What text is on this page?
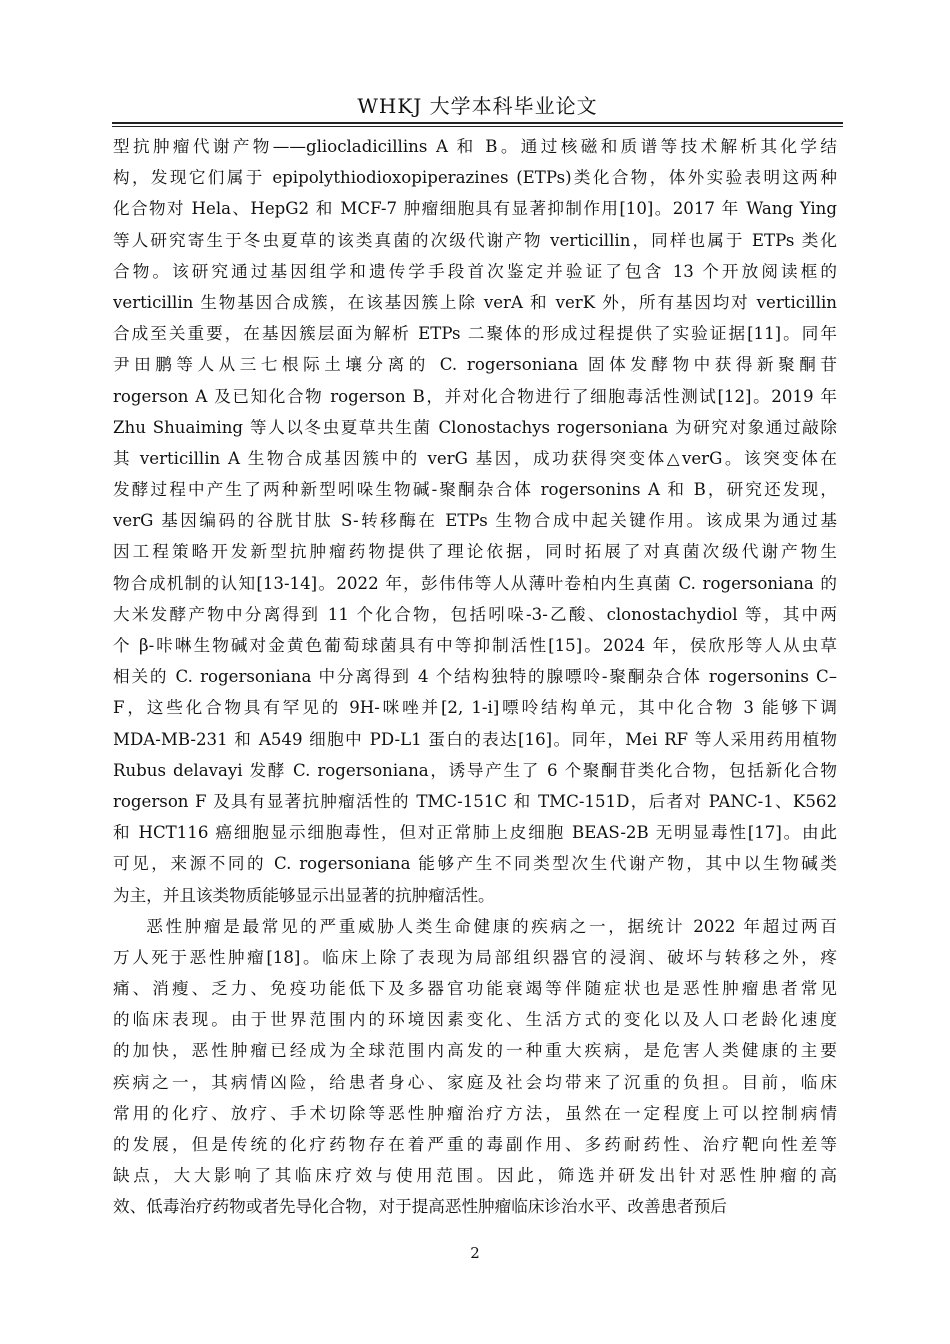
WHKJ 大学本科毕业论文
型抗肿瘤代谢产物——gliocladicillins A 和 B。通过核磁和质谱等技术解析其化学结
构，发现它们属于 epipolythiodioxopiperazines (ETPs)类化合物，体外实验表明这两种
化合物对 Hela、HepG2 和 MCF-7 肿瘤细胞具有显著抑制作用[10]。2017 年 Wang Ying
等人研究寄生于冬虫夏草的该类真菌的次级代谢产物 verticillin，同样也属于 ETPs 类化
合物。该研究通过基因组学和遗传学手段首次鉴定并验证了包含 13 个开放阅读框的
verticillin 生物基因合成簇，在该基因簇上除 verA 和 verK 外，所有基因均对 verticillin
合成至关重要，在基因簇层面为解析 ETPs 二聚体的形成过程提供了实验证据[11]。同年
尹田鹏等人从三七根际土壤分离的 C. rogersoniana 固体发酵物中获得新聚酮苷
rogerson A 及已知化合物 rogerson B，并对化合物进行了细胞毒活性测试[12]。2019 年
Zhu Shuaiming 等人以冬虫夏草共生菌 Clonostachys rogersoniana 为研究对象通过敲除
其 verticillin A 生物合成基因簇中的 verG 基因，成功获得突变体△verG。该突变体在
发酵过程中产生了两种新型吲哚生物碱-聚酮杂合体 rogersonins A 和 B，研究还发现，
verG 基因编码的谷胱甘肽 S-转移酶在 ETPs 生物合成中起关键作用。该成果为通过基
因工程策略开发新型抗肿瘤药物提供了理论依据，同时拓展了对真菌次级代谢产物生
物合成机制的认知[13-14]。2022 年，彭伟伟等人从薄叶卷柏内生真菌 C. rogersoniana 的
大米发酵产物中分离得到 11 个化合物，包括吲哚-3-乙酸、clonostachydiol 等，其中两
个 β-咔啉生物碱对金黄色葡萄球菌具有中等抑制活性[15]。2024 年，侯欣彤等人从虫草
相关的 C. rogersoniana 中分离得到 4 个结构独特的腺嘌呤-聚酮杂合体 rogersonins C–
F，这些化合物具有罕见的 9H-咪唑并[2, 1-i]嘌呤结构单元，其中化合物 3 能够下调
MDA-MB-231 和 A549 细胞中 PD-L1 蛋白的表达[16]。同年，Mei RF 等人采用药用植物
Rubus delavayi 发酵 C. rogersoniana，诱导产生了 6 个聚酮苷类化合物，包括新化合物
rogerson F 及具有显著抗肿瘤活性的 TMC-151C 和 TMC-151D，后者对 PANC-1、K562
和 HCT116 癌细胞显示细胞毒性，但对正常肺上皮细胞 BEAS-2B 无明显毒性[17]。由此
可见，来源不同的 C. rogersoniana 能够产生不同类型次生代谢产物，其中以生物碱类
为主，并且该类物质能够显示出显著的抗肿瘤活性。
恶性肿瘤是最常见的严重威胁人类生命健康的疾病之一，据统计 2022 年超过两百
万人死于恶性肿瘤[18]。临床上除了表现为局部组织器官的浸润、破坏与转移之外，疼
痛、消瘦、乏力、免疫功能低下及多器官功能衰竭等伴随症状也是恶性肿瘤患者常见
的临床表现。由于世界范围内的环境因素变化、生活方式的变化以及人口老龄化速度
的加快，恶性肿瘤已经成为全球范围内高发的一种重大疾病，是危害人类健康的主要
疾病之一，其病情凶险，给患者身心、家庭及社会均带来了沉重的负担。目前，临床
常用的化疗、放疗、手术切除等恶性肿瘤治疗方法，虽然在一定程度上可以控制病情
的发展，但是传统的化疗药物存在着严重的毒副作用、多药耐药性、治疗靶向性差等
缺点，大大影响了其临床疗效与使用范围。因此，筛选并研发出针对恶性肿瘤的高
效、低毒治疗药物或者先导化合物，对于提高恶性肿瘤临床诊治水平、改善患者预后
2
